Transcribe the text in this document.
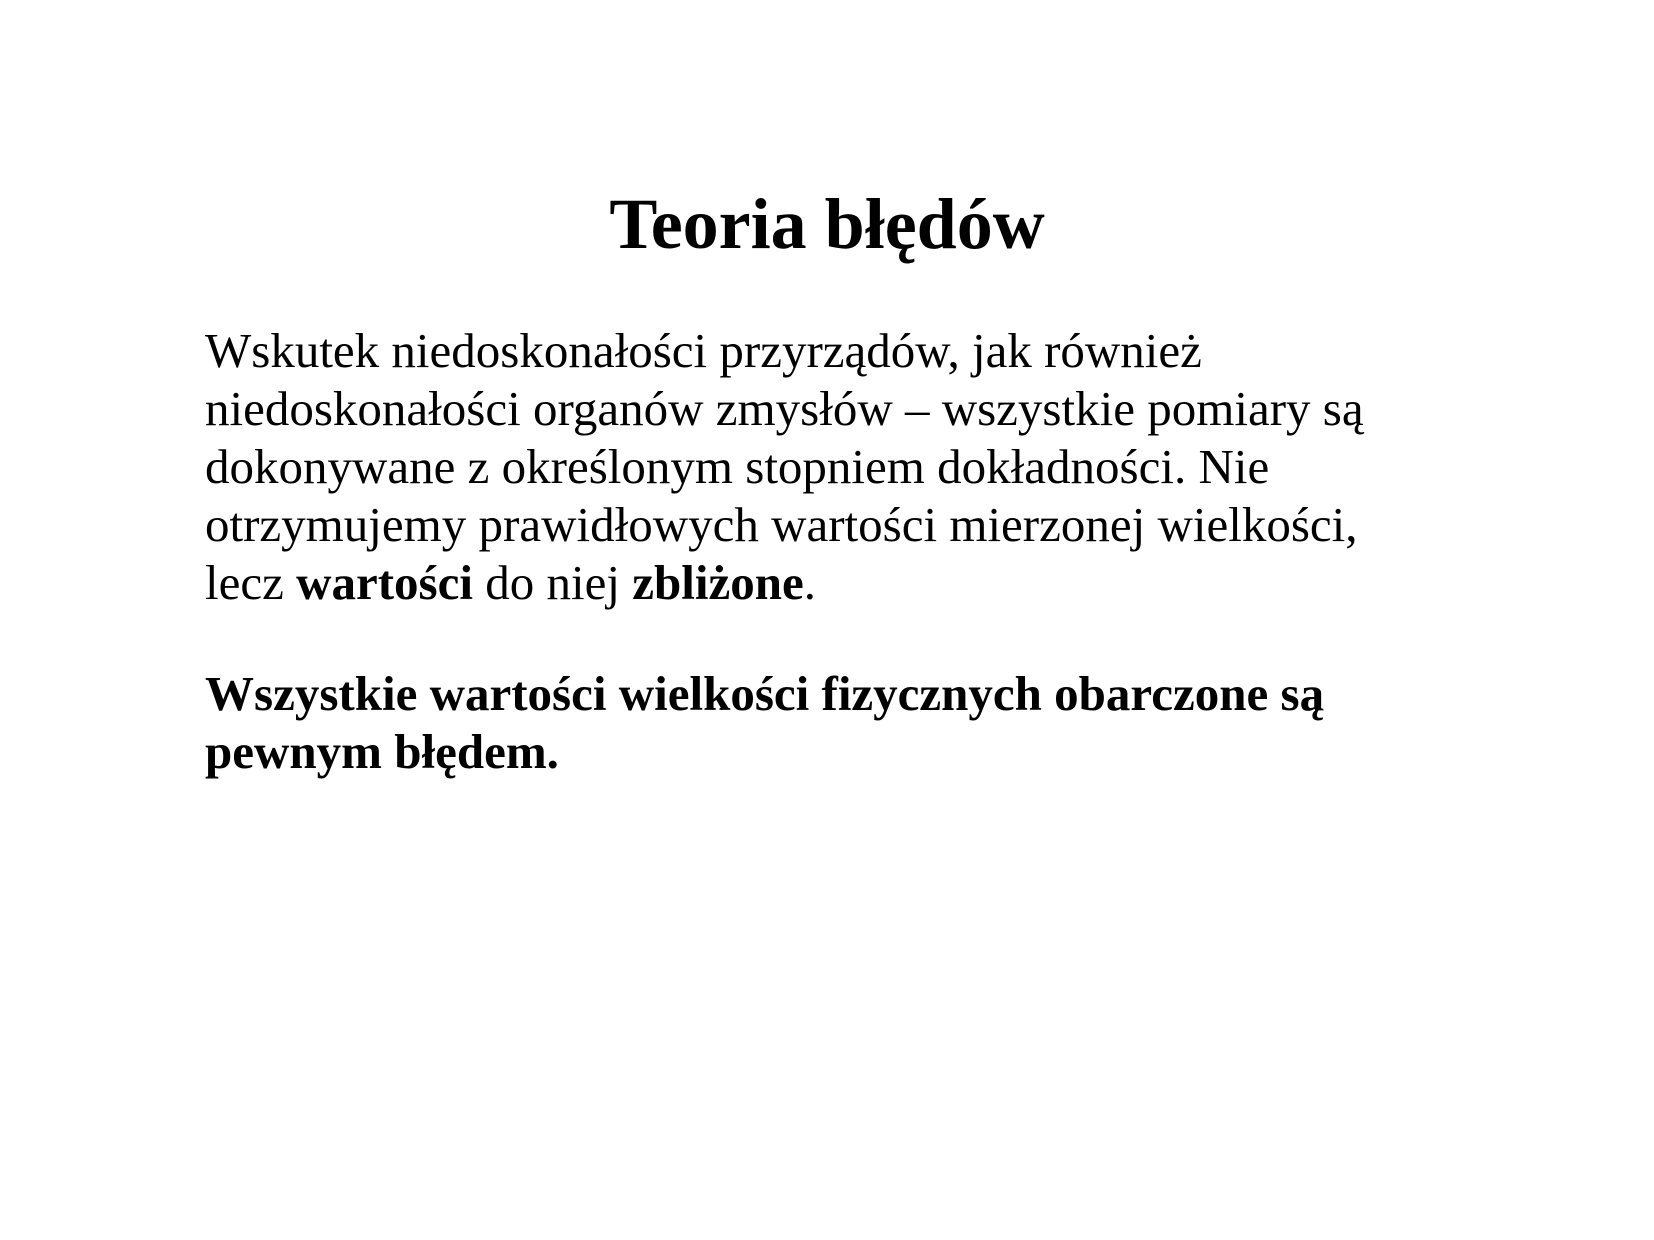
Teoria błędów

Wskutek niedoskonałości przyrządów, jak również
niedoskonałości organów zmysłów – wszystkie pomiary są
dokonywane z określonym stopniem dokładności. Nie
otrzymujemy prawidłowych wartości mierzonej wielkości,
lecz wartości do niej zbliżone.

Wszystkie wartości wielkości fizycznych obarczone są
pewnym błędem.
